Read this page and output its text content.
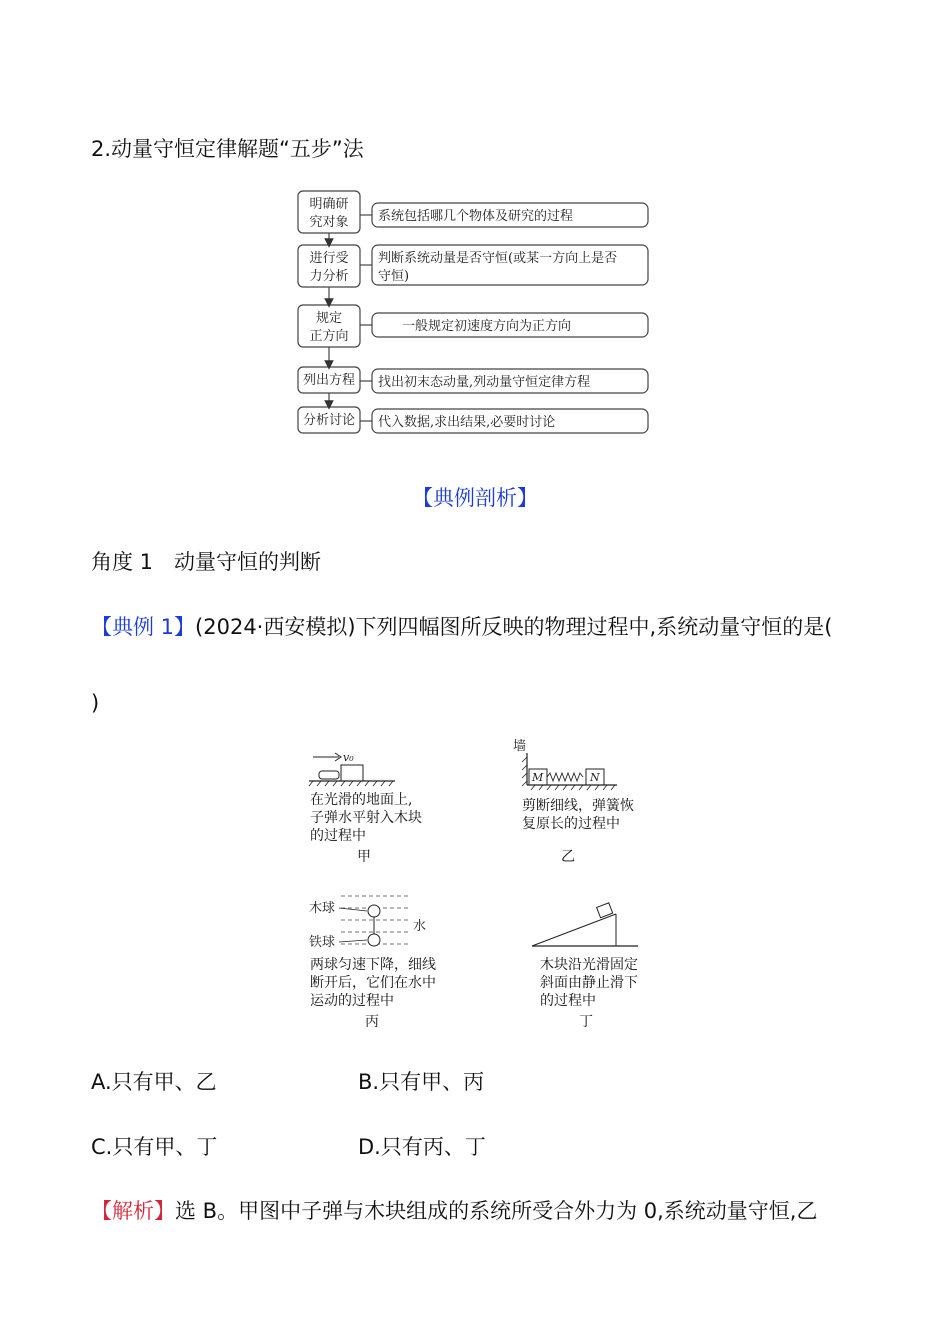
2.动量守恒定律解题“五步”法
明确研
究对象
进行受
力分析
规定
正方向
列出方程
分析讨论
系统包括哪几个物体及研究的过程
判断系统动量是否守恒(或某一方向上是否
守恒)
一般规定初速度方向为正方向
找出初末态动量,列动量守恒定律方程
代入数据,求出结果,必要时讨论
【典例剖析】
角度 1　动量守恒的判断
【典例 1】(2024·西安模拟)下列四幅图所反映的物理过程中,系统动量守恒的是(
)
v₀
在光滑的地面上,
子弹水平射入木块
的过程中
甲
墙
M	N
剪断细线，弹簧恢
复原长的过程中
乙
木球
铁球
水
两球匀速下降，细线
断开后，它们在水中
运动的过程中
丙
木块沿光滑固定
斜面由静止滑下
的过程中
丁
A.只有甲、乙	B.只有甲、丙
C.只有甲、丁	D.只有丙、丁
【解析】选 B。甲图中子弹与木块组成的系统所受合外力为 0,系统动量守恒,乙
